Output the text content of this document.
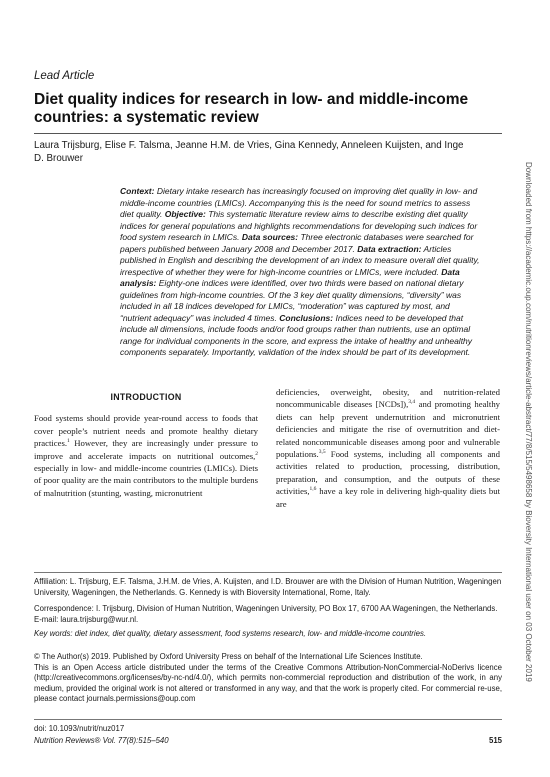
Lead Article
Diet quality indices for research in low- and middle-income countries: a systematic review
Laura Trijsburg, Elise F. Talsma, Jeanne H.M. de Vries, Gina Kennedy, Anneleen Kuijsten, and Inge D. Brouwer

Context: Dietary intake research has increasingly focused on improving diet quality in low- and middle-income countries (LMICs). Accompanying this is the need for sound metrics to assess diet quality. Objective: This systematic literature review aims to describe existing diet quality indices for general populations and highlights recommendations for developing such indices for food system research in LMICs. Data sources: Three electronic databases were searched for papers published between January 2008 and December 2017. Data extraction: Articles published in English and describing the development of an index to measure overall diet quality, irrespective of whether they were for high-income countries or LMICs, were included. Data analysis: Eighty-one indices were identified, over two thirds were based on national dietary guidelines from high-income countries. Of the 3 key diet quality dimensions, “diversity” was included in all 18 indices developed for LMICs, “moderation” was captured by most, and “nutrient adequacy” was included 4 times. Conclusions: Indices need to be developed that include all dimensions, include foods and/or food groups rather than nutrients, use an optimal range for individual components in the score, and express the intake of healthy and unhealthy components separately. Importantly, validation of the index should be part of its development.

INTRODUCTION

Food systems should provide year-round access to foods that cover people’s nutrient needs and promote healthy dietary practices.$^1$ However, they are increasingly under pressure to improve and accelerate impacts on nutritional outcomes,$^2$ especially in low- and middle-income countries (LMICs). Diets of poor quality are the main contributors to the multiple burdens of malnutrition (stunting, wasting, micronutrient

deficiencies, overweight, obesity, and nutrition-related noncommunicable diseases [NCDs]),$^{3,4}$ and promoting healthy diets can help prevent undernutrition and micronutrient deficiencies and mitigate the rise of overnutrition and diet-related noncommunicable diseases among poor and vulnerable populations.$^{3,5}$ Food systems, including all components and activities related to production, processing, distribution, preparation, and consumption, and the outputs of these activities,$^{1,6}$ have a key role in delivering high-quality diets but are

Affiliation: L. Trijsburg, E.F. Talsma, J.H.M. de Vries, A. Kuijsten, and I.D. Brouwer are with the Division of Human Nutrition, Wageningen University, Wageningen, the Netherlands. G. Kennedy is with Bioversity International, Rome, Italy.

Correspondence: I. Trijsburg, Division of Human Nutrition, Wageningen University, PO Box 17, 6700 AA Wageningen, the Netherlands. E-mail: laura.trijsburg@wur.nl.

Key words: diet index, diet quality, dietary assessment, food systems research, low- and middle-income countries.

© The Author(s) 2019. Published by Oxford University Press on behalf of the International Life Sciences Institute.

This is an Open Access article distributed under the terms of the Creative Commons Attribution-NonCommercial-NoDerivs licence (http://creativecommons.org/licenses/by-nc-nd/4.0/), which permits non-commercial reproduction and distribution of the work, in any medium, provided the original work is not altered or transformed in any way, and that the work is properly cited. For commercial re-use, please contact journals.permissions@oup.com

doi: 10.1093/nutrit/nuz017
Nutrition Reviews® Vol. 77(8):515–540	515
Downloaded from https://academic.oup.com/nutritionreviews/article-abstract/77/8/515/5498658 by Bioversity International user on 03 October 2019
